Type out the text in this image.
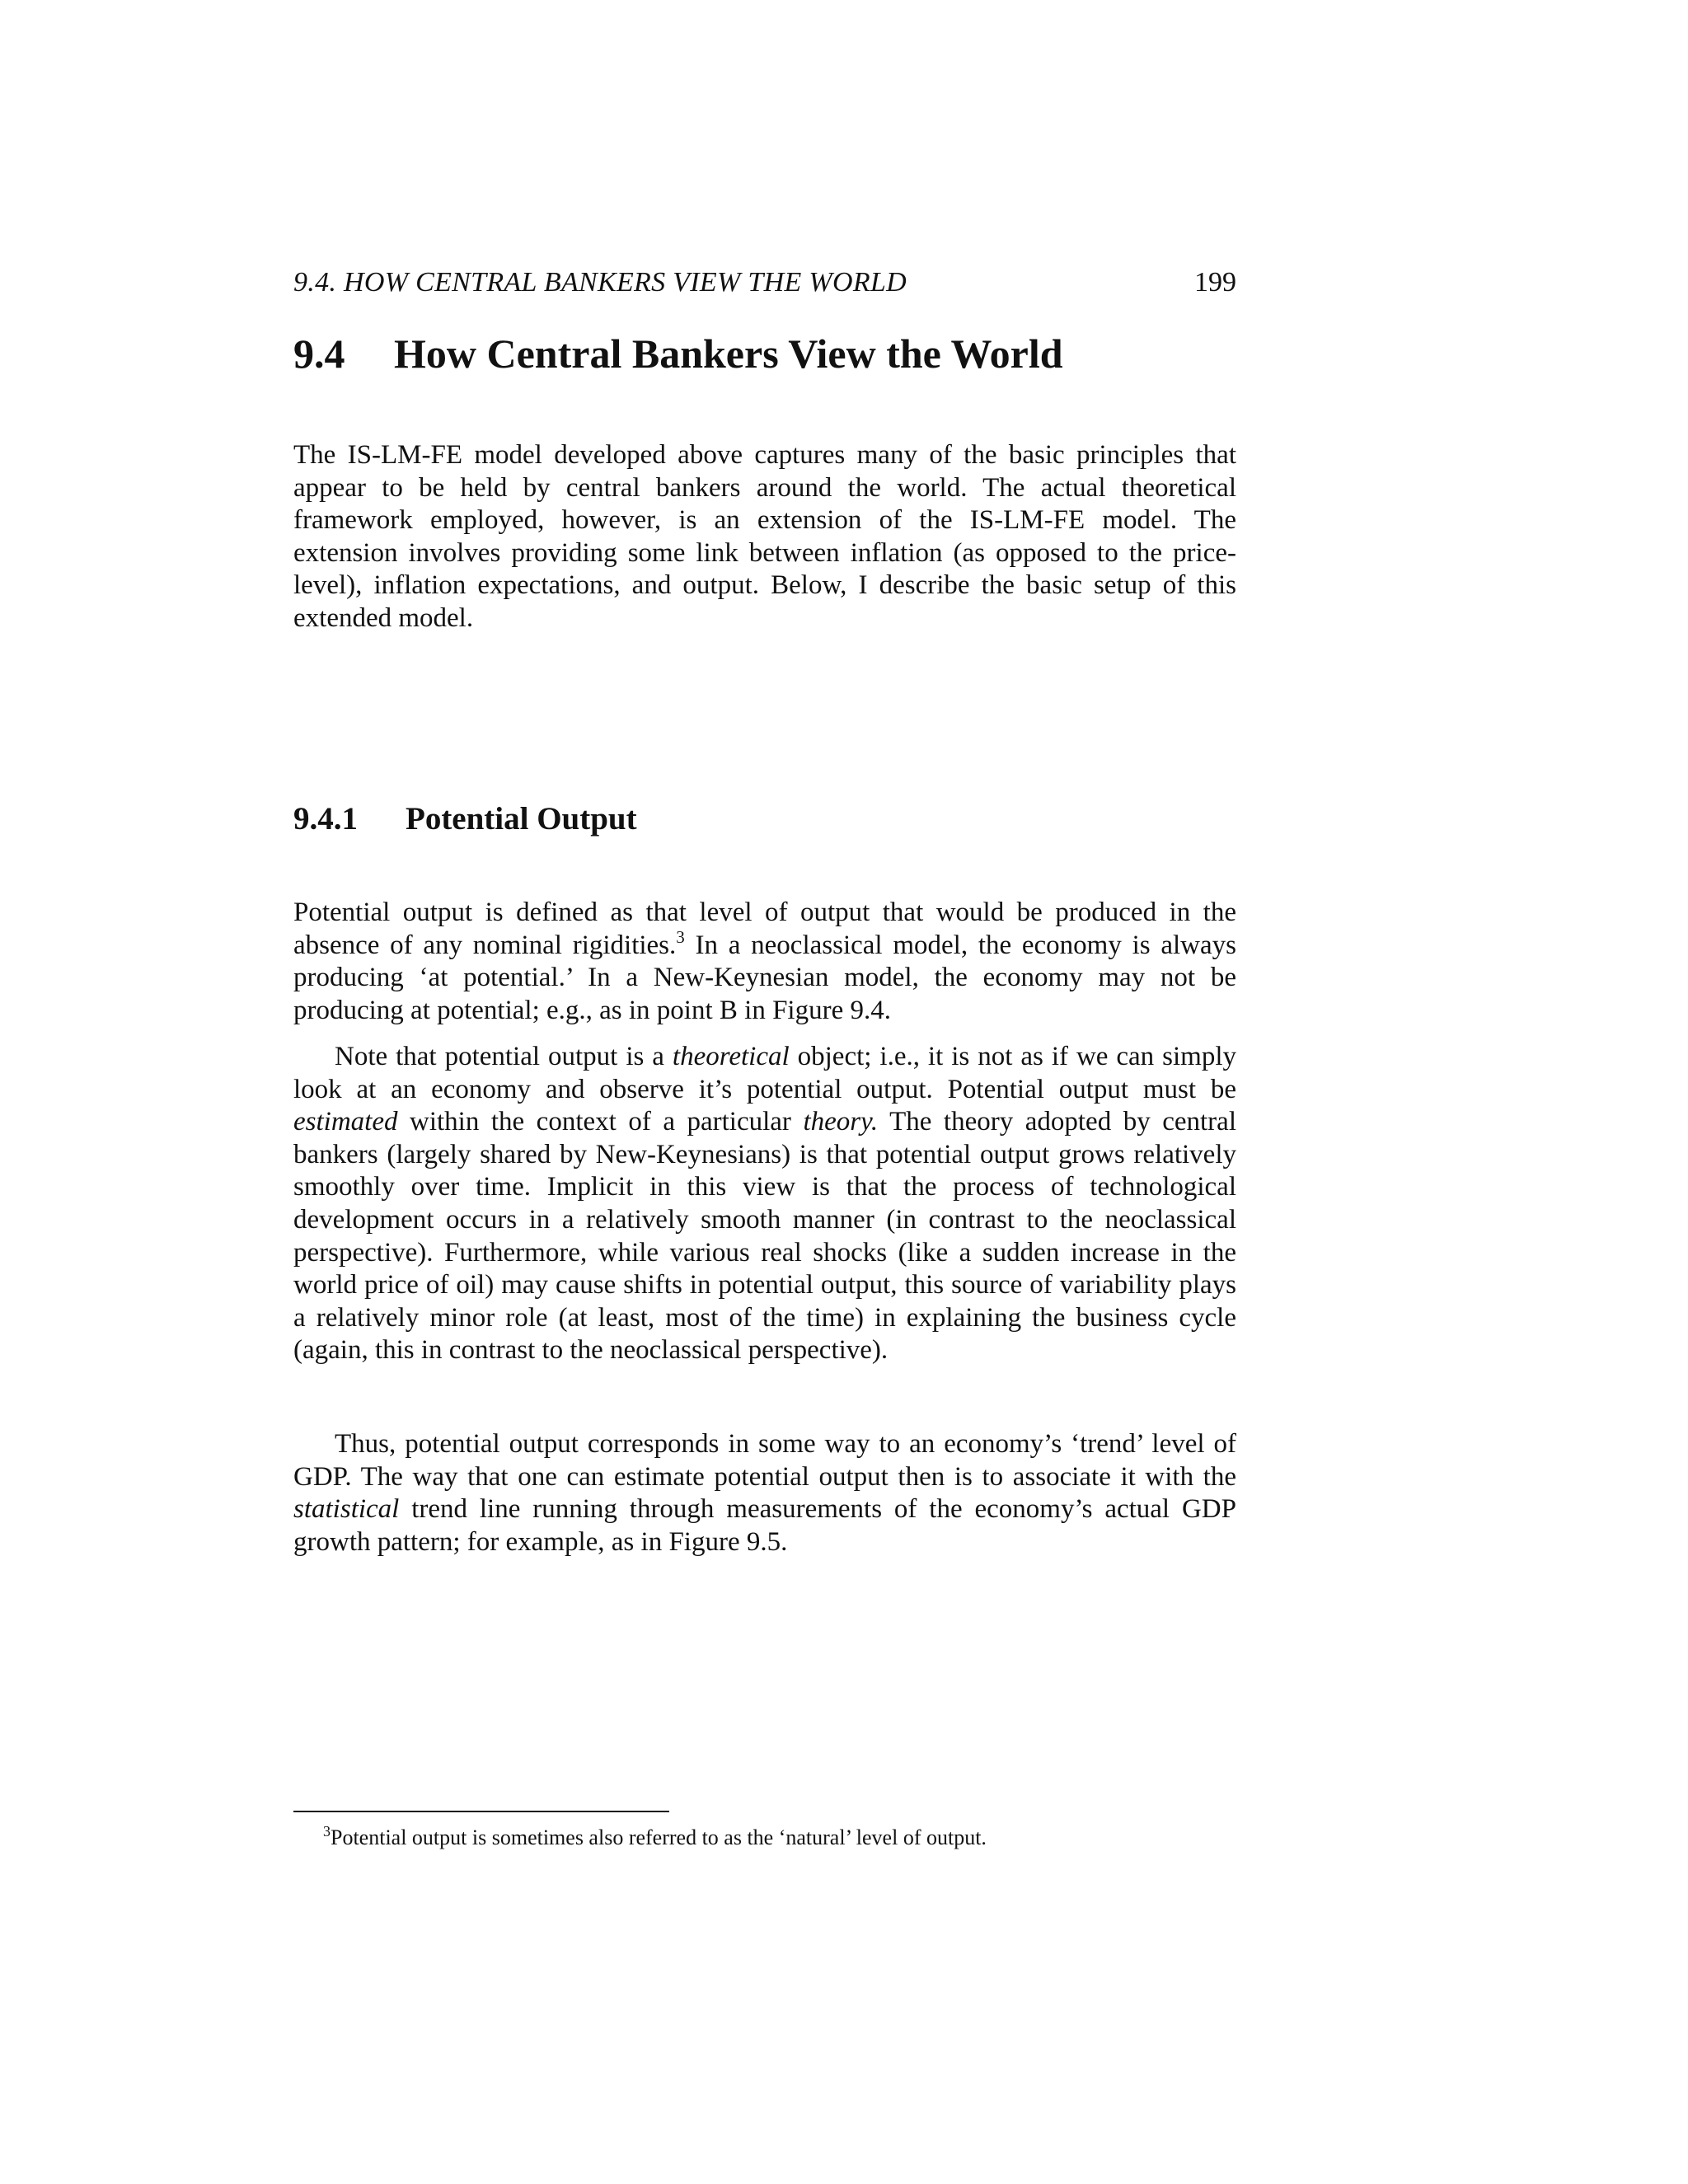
9.4. HOW CENTRAL BANKERS VIEW THE WORLD	199
9.4 How Central Bankers View the World

The IS-LM-FE model developed above captures many of the basic principles that appear to be held by central bankers around the world. The actual theoretical framework employed, however, is an extension of the IS-LM-FE model. The extension involves providing some link between inflation (as opposed to the price-level), inflation expectations, and output. Below, I describe the basic setup of this extended model.

9.4.1 Potential Output

Potential output is defined as that level of output that would be produced in the absence of any nominal rigidities.$^3$ In a neoclassical model, the economy is always producing ‘at potential.’ In a New-Keynesian model, the economy may not be producing at potential; e.g., as in point B in Figure 9.4.

Note that potential output is a theoretical object; i.e., it is not as if we can simply look at an economy and observe it’s potential output. Potential output must be estimated within the context of a particular theory. The theory adopted by central bankers (largely shared by New-Keynesians) is that potential output grows relatively smoothly over time. Implicit in this view is that the process of technological development occurs in a relatively smooth manner (in contrast to the neoclassical perspective). Furthermore, while various real shocks (like a sudden increase in the world price of oil) may cause shifts in potential output, this source of variability plays a relatively minor role (at least, most of the time) in explaining the business cycle (again, this in contrast to the neoclassical perspective).

Thus, potential output corresponds in some way to an economy’s ‘trend’ level of GDP. The way that one can estimate potential output then is to associate it with the statistical trend line running through measurements of the economy’s actual GDP growth pattern; for example, as in Figure 9.5.

$^3$Potential output is sometimes also referred to as the ‘natural’ level of output.
